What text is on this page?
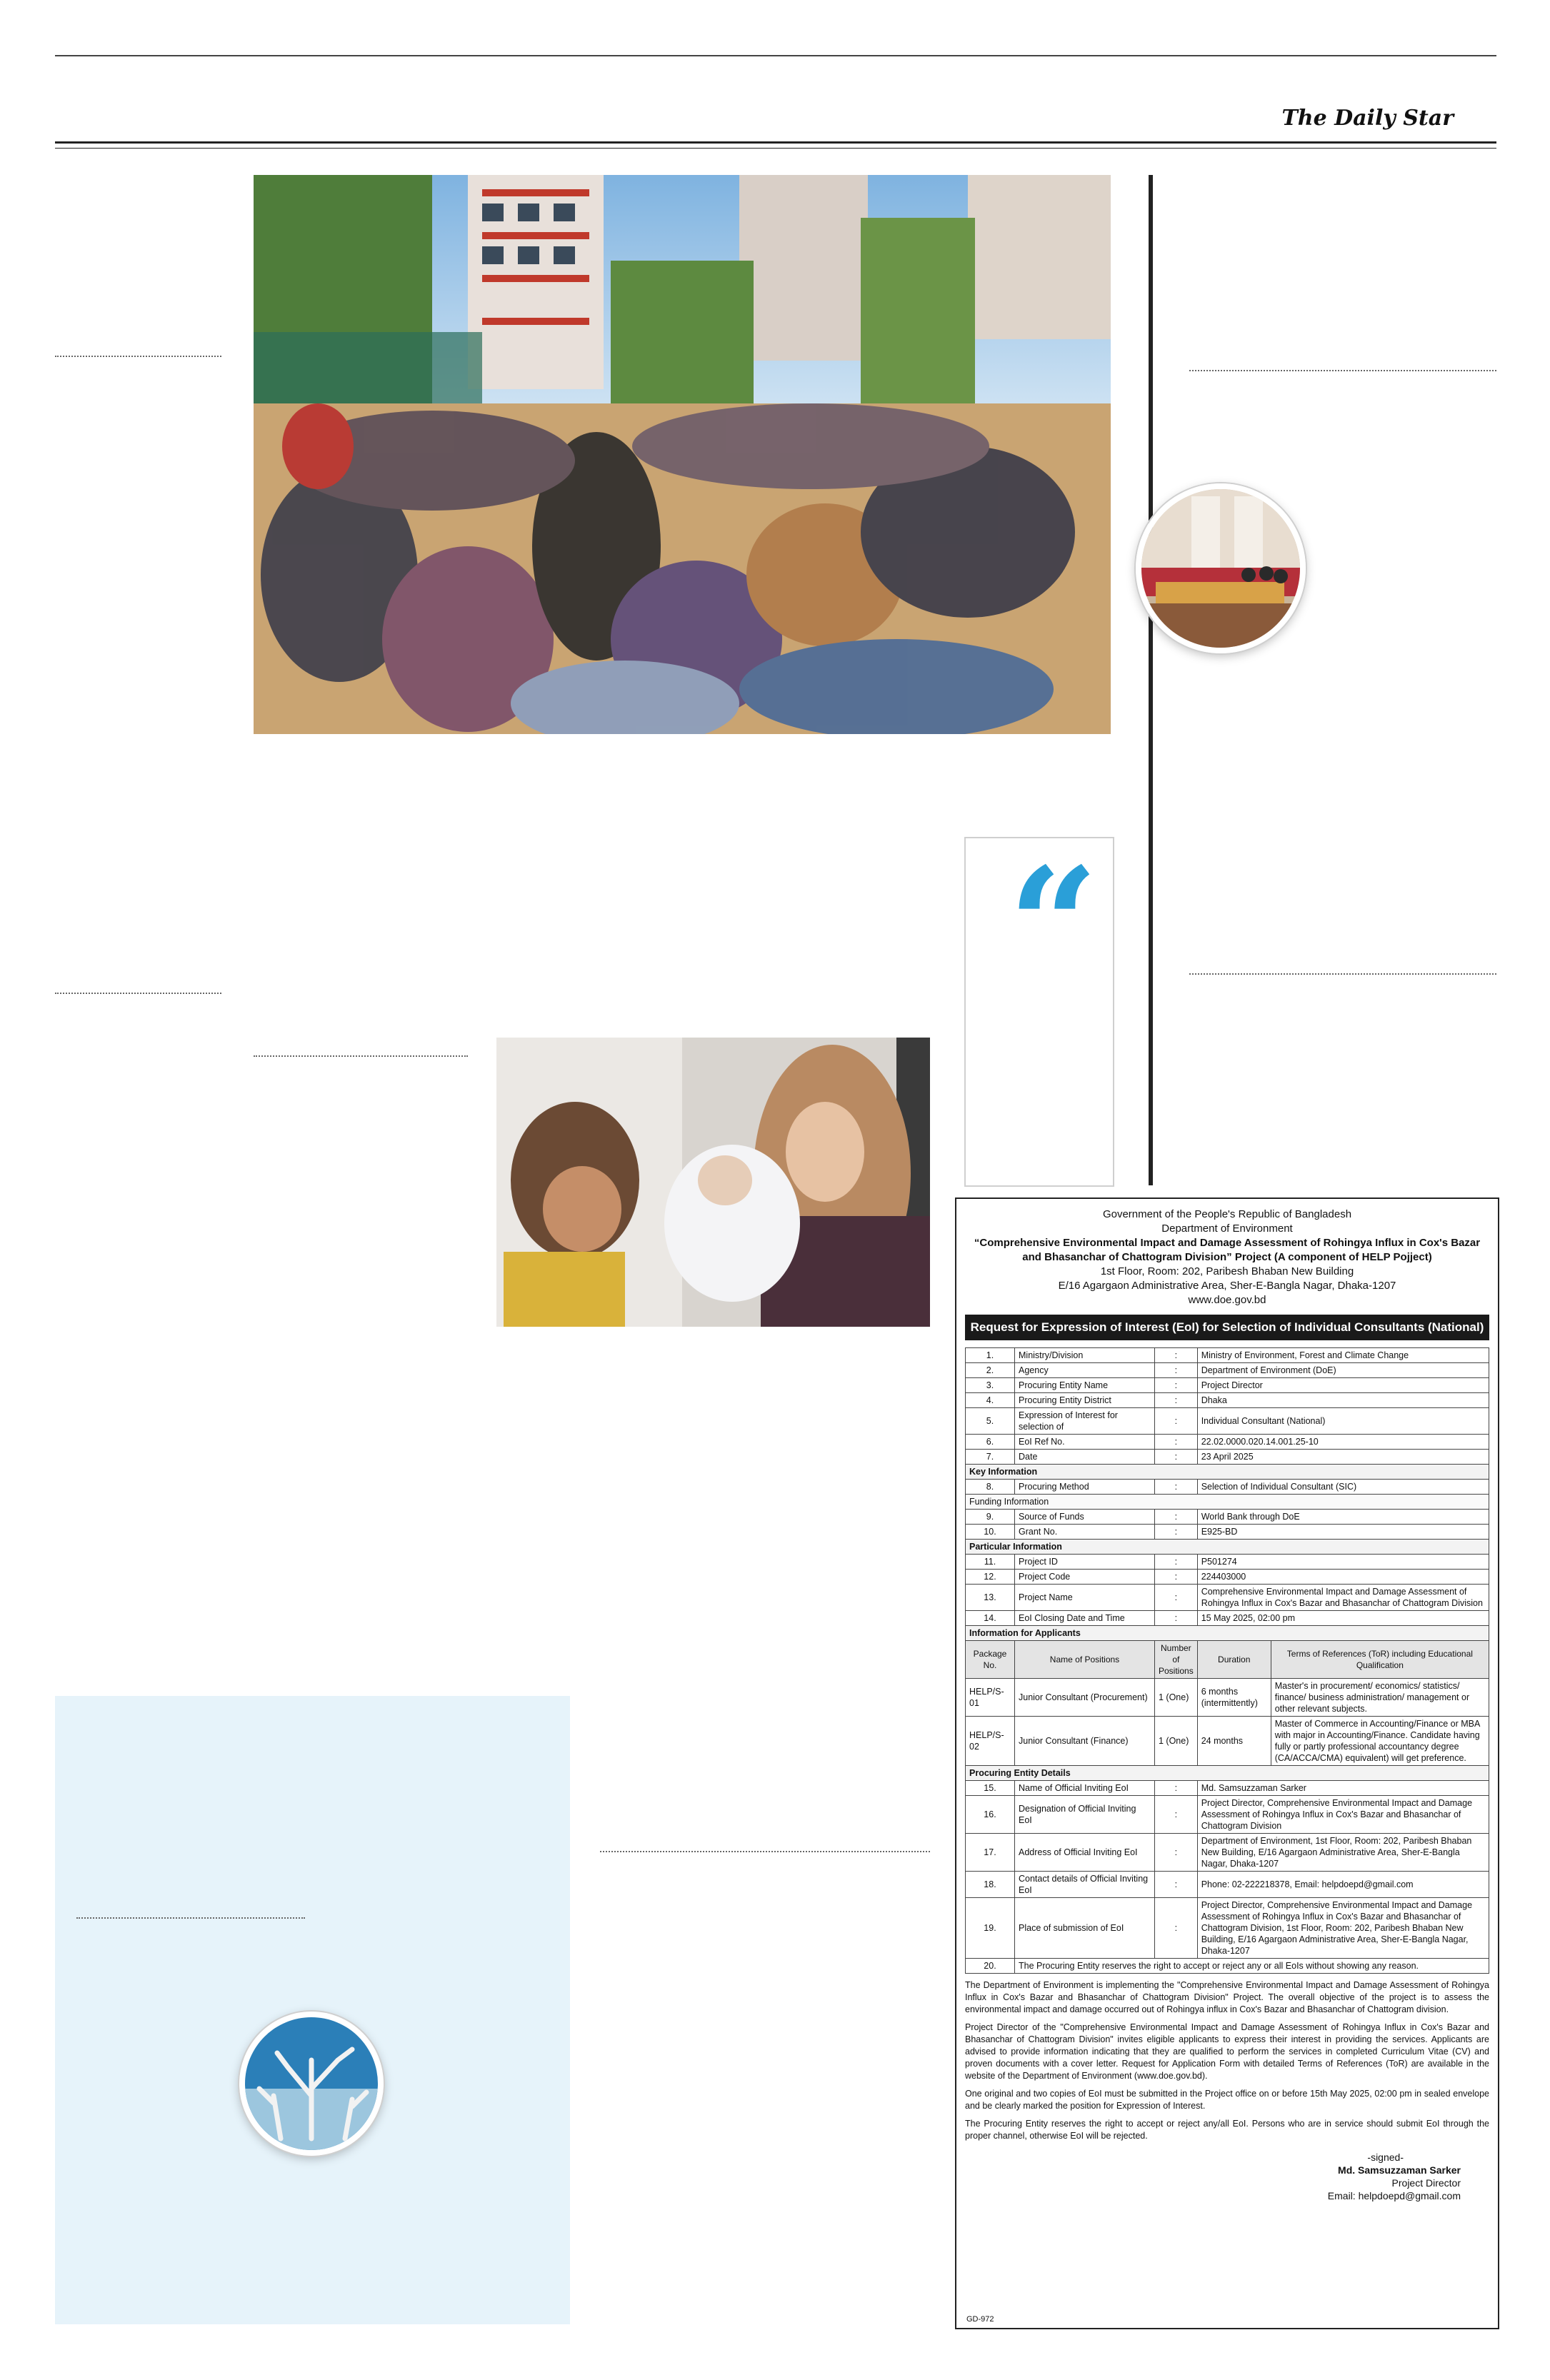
The Daily Star
“
Government of the People's Republic of Bangladesh
Department of Environment
“Comprehensive Environmental Impact and Damage Assessment of Rohingya Influx in Cox's Bazar and Bhasanchar of Chattogram Division” Project (A component of HELP Pojject)
1st Floor, Room: 202, Paribesh Bhaban New Building
E/16 Agargaon Administrative Area, Sher-E-Bangla Nagar, Dhaka-1207
www.doe.gov.bd
Request for Expression of Interest (EoI) for Selection of Individual Consultants (National)
1.	Ministry/Division	:	Ministry of Environment, Forest and Climate Change	
2.	Agency	:	Department of Environment (DoE)	
3.	Procuring Entity Name	:	Project Director	
4.	Procuring Entity District	:	Dhaka	
5.	Expression of Interest for selection of	:	Individual Consultant (National)	
6.	EoI Ref No.	:	22.02.0000.020.14.001.25-10	
7.	Date	:	23 April 2025	
Key Information				
8.	Procuring Method	:	Selection of Individual Consultant (SIC)	
Funding Information				
9.	Source of Funds	:	World Bank through DoE	
10.	Grant No.	:	E925-BD	
Particular Information				
11.	Project ID	:	P501274	
12.	Project Code	:	224403000	
13.	Project Name	:	Comprehensive Environmental Impact and Damage Assessment of Rohingya Influx in Cox's Bazar and Bhasanchar of Chattogram Division	
14.	EoI Closing Date and Time	:	15 May 2025, 02:00 pm	
Information for Applicants				
Package No.	Name of Positions	Number of Positions	Duration	Terms of References (ToR) including Educational Qualification
HELP/S-01	Junior Consultant (Procurement)	1 (One)	6 months (intermittently)	Master's in procurement/ economics/ statistics/ finance/ business administration/ management or other relevant subjects.
HELP/S-02	Junior Consultant (Finance)	1 (One)	24 months	Master of Commerce in Accounting/Finance or MBA with major in Accounting/Finance. Candidate having fully or partly professional accountancy degree (CA/ACCA/CMA) equivalent) will get preference.
Procuring Entity Details				
15.	Name of Official Inviting EoI	:	Md. Samsuzzaman Sarker	
16.	Designation of Official Inviting EoI	:	Project Director, Comprehensive Environmental Impact and Damage Assessment of Rohingya Influx in Cox's Bazar and Bhasanchar of Chattogram Division	
17.	Address of Official Inviting EoI	:	Department of Environment, 1st Floor, Room: 202, Paribesh Bhaban New Building, E/16 Agargaon Administrative Area, Sher-E-Bangla Nagar, Dhaka-1207	
18.	Contact details of Official Inviting EoI	:	Phone: 02-222218378, Email: helpdoepd@gmail.com	
19.	Place of submission of EoI	:	Project Director, Comprehensive Environmental Impact and Damage Assessment of Rohingya Influx in Cox's Bazar and Bhasanchar of Chattogram Division, 1st Floor, Room: 202, Paribesh Bhaban New Building, E/16 Agargaon Administrative Area, Sher-E-Bangla Nagar, Dhaka-1207	
20.	The Procuring Entity reserves the right to accept or reject any or all EoIs without showing any reason.			
The Department of Environment is implementing the "Comprehensive Environmental Impact and Damage Assessment of Rohingya Influx in Cox's Bazar and Bhasanchar of Chattogram Division" Project. The overall objective of the project is to assess the environmental impact and damage occurred out of Rohingya influx in Cox's Bazar and Bhasanchar of Chattogram division.
Project Director of the "Comprehensive Environmental Impact and Damage Assessment of Rohingya Influx in Cox's Bazar and Bhasanchar of Chattogram Division" invites eligible applicants to express their interest in providing the services. Applicants are advised to provide information indicating that they are qualified to perform the services in completed Curriculum Vitae (CV) and proven documents with a cover letter. Request for Application Form with detailed Terms of References (ToR) are available in the website of the Department of Environment (www.doe.gov.bd).
One original and two copies of EoI must be submitted in the Project office on or before 15th May 2025, 02:00 pm in sealed envelope and be clearly marked the position for Expression of Interest.
The Procuring Entity reserves the right to accept or reject any/all EoI. Persons who are in service should submit EoI through the proper channel, otherwise EoI will be rejected.
-signed-
Md. Samsuzzaman Sarker
Project Director
Email: helpdoepd@gmail.com
GD-972
